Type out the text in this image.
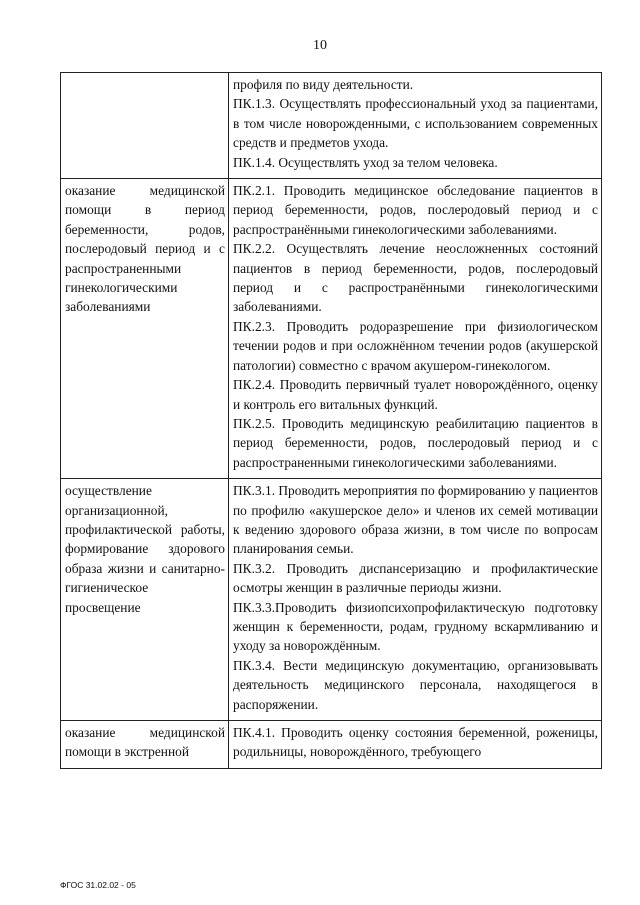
10

	профиля по виду деятельности.
ПК.1.3. Осуществлять профессиональный уход за пациентами, в том числе новорожденными, с использованием современных средств и предметов ухода.
ПК.1.4. Осуществлять уход за телом человека.

оказание медицинской помощи в период беременности, родов, послеродовый период и с распространенными гинекологическими заболеваниями	ПК.2.1. Проводить медицинское обследование пациентов в период беременности, родов, послеродовый период и с распространёнными гинекологическими заболеваниями.
ПК.2.2. Осуществлять лечение неосложненных состояний пациентов в период беременности, родов, послеродовый период и с распространёнными гинекологическими заболеваниями.
ПК.2.3. Проводить родоразрешение при физиологическом течении родов и при осложнённом течении родов (акушерской патологии) совместно с врачом акушером-гинекологом.
ПК.2.4. Проводить первичный туалет новорождённого, оценку и контроль его витальных функций.
ПК.2.5. Проводить медицинскую реабилитацию пациентов в период беременности, родов, послеродовый период и с распространенными гинекологическими заболеваниями.

осуществление организационной, профилактической работы, формирование здорового образа жизни и санитарно-гигиеническое просвещение	ПК.3.1. Проводить мероприятия по формированию у пациентов по профилю «акушерское дело» и членов их семей мотивации к ведению здорового образа жизни, в том числе по вопросам планирования семьи.
ПК.3.2. Проводить диспансеризацию и профилактические осмотры женщин в различные периоды жизни.
ПК.3.3.Проводить физиопсихопрофилактическую подготовку женщин к беременности, родам, грудному вскармливанию и уходу за новорождённым.
ПК.3.4. Вести медицинскую документацию, организовывать деятельность медицинского персонала, находящегося в распоряжении.

оказание медицинской помощи в экстренной	ПК.4.1. Проводить оценку состояния беременной, роженицы, родильницы, новорождённого, требующего
ФГОС 31.02.02 - 05
